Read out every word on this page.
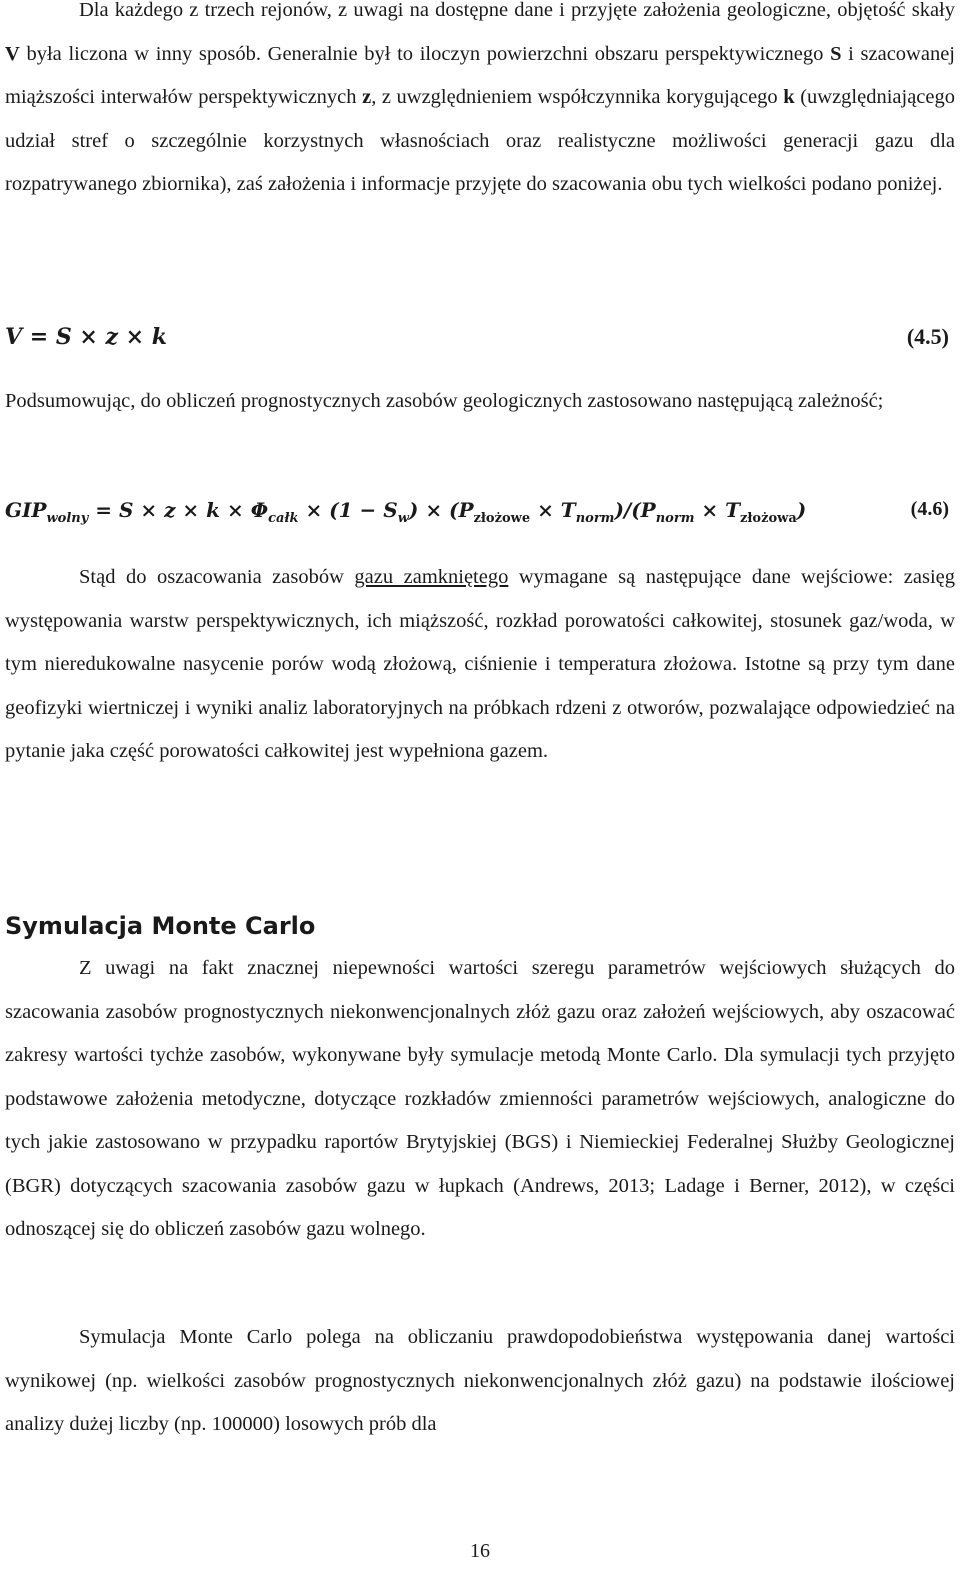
Dla każdego z trzech rejonów, z uwagi na dostępne dane i przyjęte założenia geologiczne, objętość skały V była liczona w inny sposób. Generalnie był to iloczyn powierzchni obszaru perspektywicznego S i szacowanej miąższości interwałów perspektywicznych z, z uwzględnieniem współczynnika korygującego k (uwzględniającego udział stref o szczególnie korzystnych własnościach oraz realistyczne możliwości generacji gazu dla rozpatrywanego zbiornika), zaś założenia i informacje przyjęte do szacowania obu tych wielkości podano poniżej.

V = S × z × k	(4.5)

Podsumowując, do obliczeń prognostycznych zasobów geologicznych zastosowano następującą zależność;

$GIP_{wolny} = S \times z \times k \times \Phi_{całk} \times (1 - S_w) \times (P_{złożowe} \times T_{norm})/(P_{norm} \times T_{złożowa})$	(4.6)

Stąd do oszacowania zasobów gazu zamkniętego wymagane są następujące dane wejściowe: zasięg występowania warstw perspektywicznych, ich miąższość, rozkład porowatości całkowitej, stosunek gaz/woda, w tym nieredukowalne nasycenie porów wodą złożową, ciśnienie i temperatura złożowa. Istotne są przy tym dane geofizyki wiertniczej i wyniki analiz laboratoryjnych na próbkach rdzeni z otworów, pozwalające odpowiedzieć na pytanie jaka część porowatości całkowitej jest wypełniona gazem.

Symulacja Monte Carlo

Z uwagi na fakt znacznej niepewności wartości szeregu parametrów wejściowych służących do szacowania zasobów prognostycznych niekonwencjonalnych złóż gazu oraz założeń wejściowych, aby oszacować zakresy wartości tychże zasobów, wykonywane były symulacje metodą Monte Carlo. Dla symulacji tych przyjęto podstawowe założenia metodyczne, dotyczące rozkładów zmienności parametrów wejściowych, analogiczne do tych jakie zastosowano w przypadku raportów Brytyjskiej (BGS) i Niemieckiej Federalnej Służby Geologicznej (BGR) dotyczących szacowania zasobów gazu w łupkach (Andrews, 2013; Ladage i Berner, 2012), w części odnoszącej się do obliczeń zasobów gazu wolnego.

Symulacja Monte Carlo polega na obliczaniu prawdopodobieństwa występowania danej wartości wynikowej (np. wielkości zasobów prognostycznych niekonwencjonalnych złóż gazu) na podstawie ilościowej analizy dużej liczby (np. 100000) losowych prób dla

16
